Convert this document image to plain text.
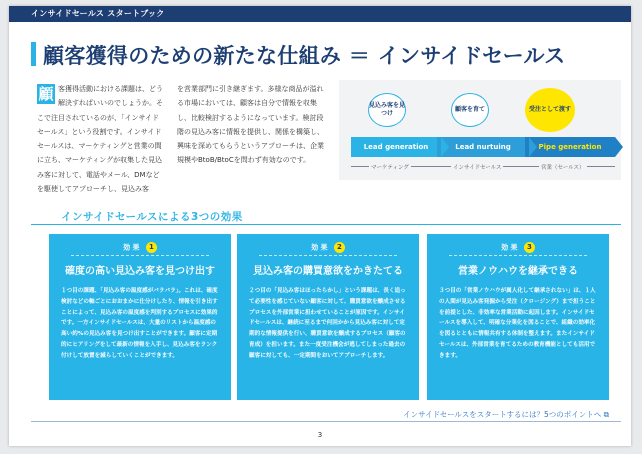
インサイドセールス スタートブック
顧客獲得のための新たな仕組み ＝ インサイドセールス
顧 客獲得活動における課題は、どう解決すればいいのでしょうか。そこで注目されているのが、「インサイドセールス」という役割です。インサイドセールスは、マーケティングと営業の間に立ち、マーケティングが収集した見込み客に対して、電話やメール、DMなどを駆使してアプローチし、見込み客
を営業部門に引き継ぎます。多様な商品が溢れる市場においては、顧客は自分で情報を収集し、比較検討するようになっています。検討段階の見込み客に情報を提供し、関係を構築し、興味を深めてもらうというアプローチは、企業規模やBtoB/BtoCを問わず有効なのです。
見込み客を見つけ
顧客を育て	受注として渡す
Lead generation	Lead nurtuing	Pipe generation
マーケティング	インサイドセールス	営業（セールス）
インサイドセールスによる3つの効果
効 果 1
確度の高い見込み客を見つけ出す
１つ目の課題、「見込み客の温度感がバラバラ」。これは、確度検討などの軸ごとにおおまかに仕分けしたり、情報を引き出すことによって、見込み客の温度感を判別するプロセスに効果的です。一方インサイドセールスは、大量のリストから温度感の高い約%の見込み客を見つけ出すことができます。顧客に定期的にヒアリングをして最新の情報を入手し、見込み客をランク付けして放置を減らしていくことができます。
効 果 2
見込み客の購買意欲をかきたてる
２つ目の「見込み客はほったらかし」という課題は、長く追って必要性を感じていない顧客に対して、購買意欲を醸成させるプロセスを外部営業に担わせていることが原因です。インサイドセールスは、継続に至るまで何回かから見込み客に対して定期的な情報提供を行い、購買意欲を醸成するプロセス（顧客の育成）を担います。また一度受注機会が逃してしまった過去の顧客に対しても、一定期間をおいてアプローチします。
効 果 3
営業ノウハウを継承できる
３つ目の「営業ノウハウが属人化して継承されない」は、１人の人間が見込み客発掘から受注（クロージング）まで担うことを前提とした、非効率な営業活動に起因します。インサイドセールスを導入して、明確な分業化を図ることで、組織の効率化を図るとともに情報共有する体制を整えます。またインサイドセールスは、外部営業を育てるための教育機能としても活用できます。
インサイドセールスをスタートするには？5つのポイントへ ⧉
3
